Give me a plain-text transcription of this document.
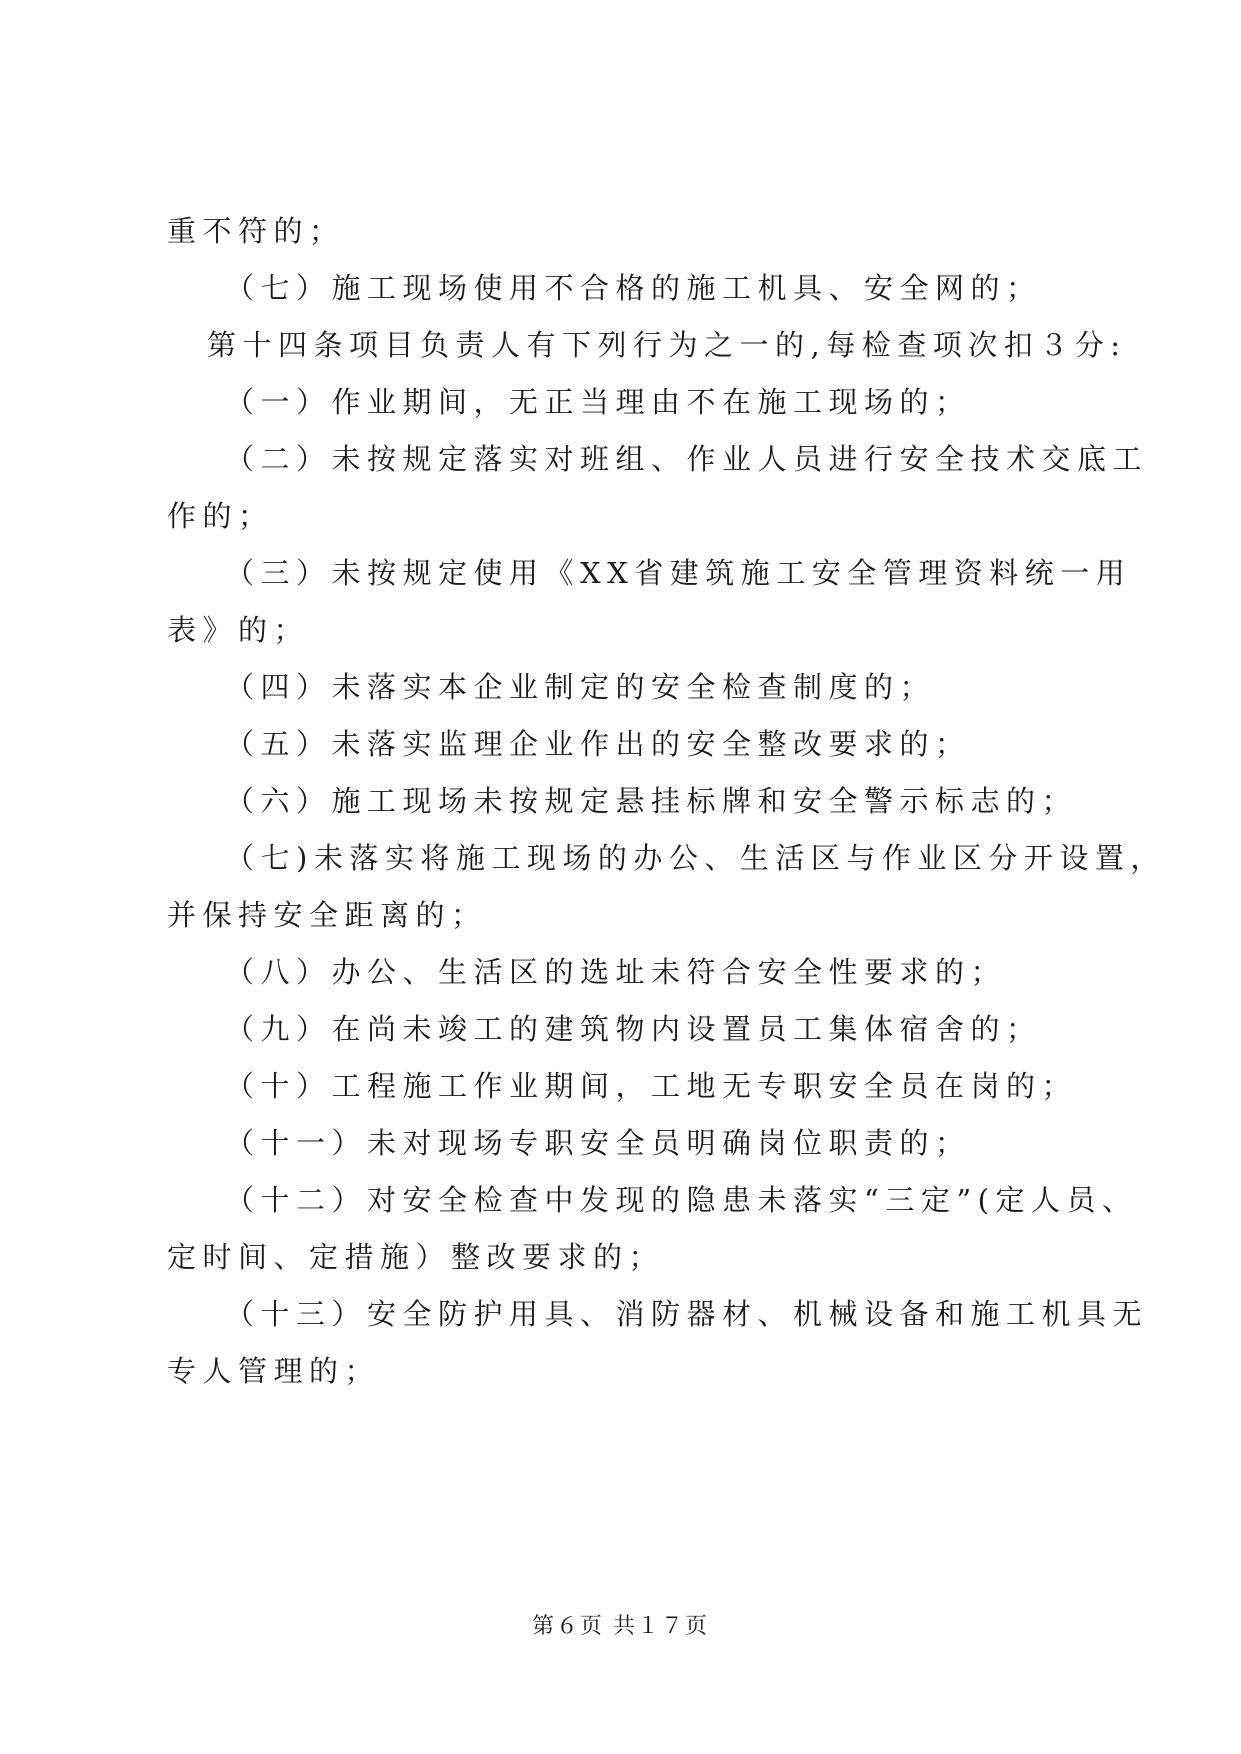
重不符的；
（七）施工现场使用不合格的施工机具、安全网的；
第十四条项目负责人有下列行为之一的,每检查项次扣３分:
（一）作业期间，无正当理由不在施工现场的；
（二）未按规定落实对班组、作业人员进行安全技术交底工
作的；
（三）未按规定使用《XX省建筑施工安全管理资料统一用
表》的；
（四）未落实本企业制定的安全检查制度的；
（五）未落实监理企业作出的安全整改要求的；
（六）施工现场未按规定悬挂标牌和安全警示标志的；
（七)未落实将施工现场的办公、生活区与作业区分开设置，
并保持安全距离的；
（八）办公、生活区的选址未符合安全性要求的；
（九）在尚未竣工的建筑物内设置员工集体宿舍的；
（十）工程施工作业期间，工地无专职安全员在岗的；
（十一）未对现场专职安全员明确岗位职责的；
（十二）对安全检查中发现的隐患未落实“三定”(定人员、
定时间、定措施）整改要求的；
（十三）安全防护用具、消防器材、机械设备和施工机具无
专人管理的；
第６页 共１７页
